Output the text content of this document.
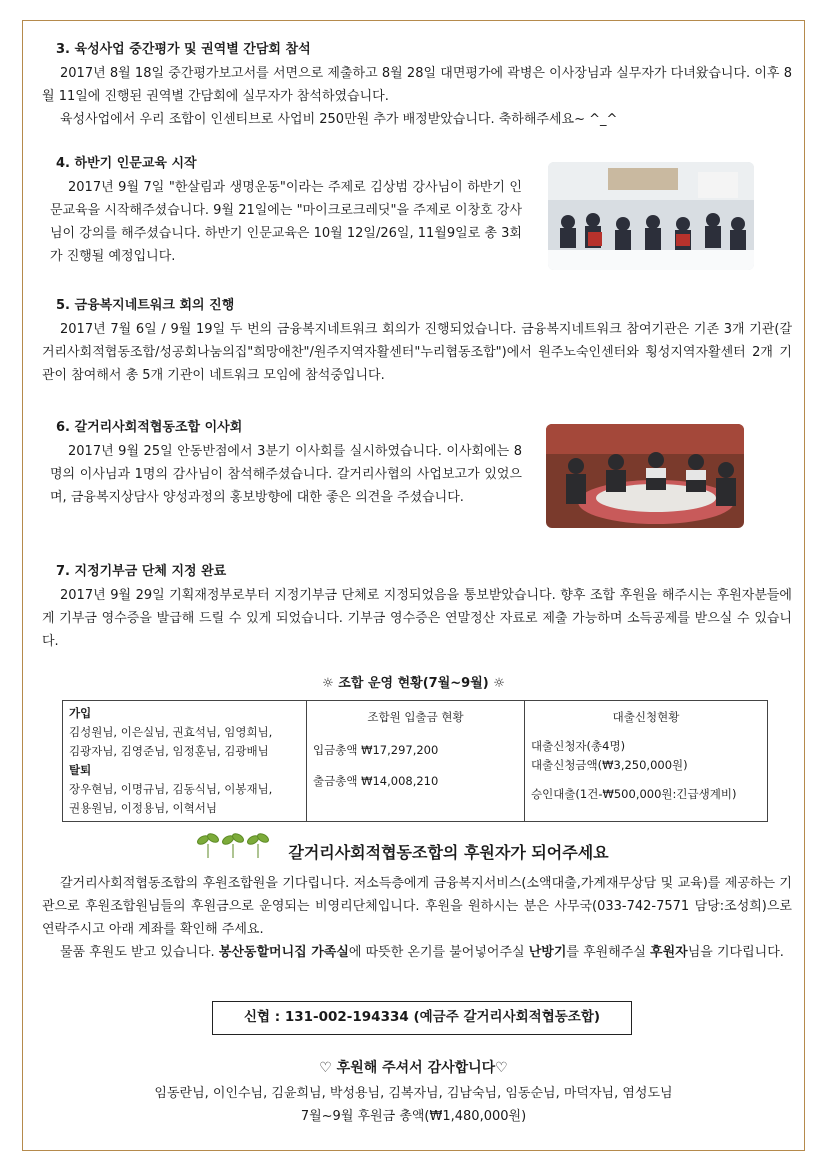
3. 육성사업 중간평가 및 권역별 간담회 참석
2017년 8월 18일 중간평가보고서를 서면으로 제출하고 8월 28일 대면평가에 곽병은 이사장님과 실무자가 다녀왔습니다. 이후 8월 11일에 진행된 권역별 간담회에 실무자가 참석하였습니다.
육성사업에서 우리 조합이 인센티브로 사업비 250만원 추가 배정받았습니다. 축하해주세요~ ^_^
4. 하반기 인문교육 시작
2017년 9월 7일 "한살림과 생명운동"이라는 주제로 김상범 강사님이 하반기 인문교육을 시작해주셨습니다. 9월 21일에는 "마이크로크레딧"을 주제로 이창호 강사님이 강의를 해주셨습니다. 하반기 인문교육은 10월 12일/26일, 11월9일로 총 3회가 진행될 예정입니다.
5. 금융복지네트워크 회의 진행
2017년 7월 6일 / 9월 19일 두 번의 금융복지네트워크 회의가 진행되었습니다. 금융복지네트워크 참여기관은 기존 3개 기관(갈거리사회적협동조합/성공회나눔의집"희망애찬"/원주지역자활센터"누리협동조합")에서 원주노숙인센터와 횡성지역자활센터 2개 기관이 참여해서 총 5개 기관이 네트워크 모임에 참석중입니다.
6. 갈거리사회적협동조합 이사회
2017년 9월 25일 안동반점에서 3분기 이사회를 실시하였습니다. 이사회에는 8명의 이사님과 1명의 감사님이 참석해주셨습니다. 갈거리사협의 사업보고가 있었으며, 금융복지상담사 양성과정의 홍보방향에 대한 좋은 의견을 주셨습니다.
7. 지정기부금 단체 지정 완료
2017년 9월 29일 기획재정부로부터 지정기부금 단체로 지정되었음을 통보받았습니다. 향후 조합 후원을 해주시는 후원자분들에게 기부금 영수증을 발급해 드릴 수 있게 되었습니다. 기부금 영수증은 연말정산 자료로 제출 가능하며 소득공제를 받으실 수 있습니다.
☼ 조합 운영 현황(7월~9월) ☼
가입
김성원님, 이은실님, 권효석님, 임영희님,
김광자님, 김영준님, 임정훈님, 김광배님
탈퇴
장우현님, 이명규님, 김동식님, 이봉재님,
권용원님, 이정용님, 이혁서님

조합원 입출금 현황
입금총액 ₩17,297,200
출금총액 ₩14,008,210

대출신청현황
대출신청자(총4명)
대출신청금액(₩3,250,000원)
승인대출(1건-₩500,000원:긴급생계비)
갈거리사회적협동조합의 후원자가 되어주세요
갈거리사회적협동조합의 후원조합원을 기다립니다. 저소득층에게 금융복지서비스(소액대출,가계재무상담 및 교육)를 제공하는 기관으로 후원조합원님들의 후원금으로 운영되는 비영리단체입니다. 후원을 원하시는 분은 사무국(033-742-7571 담당:조성희)으로 연락주시고 아래 계좌를 확인해 주세요.
물품 후원도 받고 있습니다. 봉산동할머니집 가족실에 따뜻한 온기를 불어넣어주실 난방기를 후원해주실 후원자님을 기다립니다.
신협 : 131-002-194334 (예금주 갈거리사회적협동조합)
♡ 후원해 주셔서 감사합니다♡
임동란님, 이인수님, 김윤희님, 박성용님, 김복자님, 김남숙님, 임동순님, 마덕자님, 염성도님
7월~9월 후원금 총액(₩1,480,000원)
